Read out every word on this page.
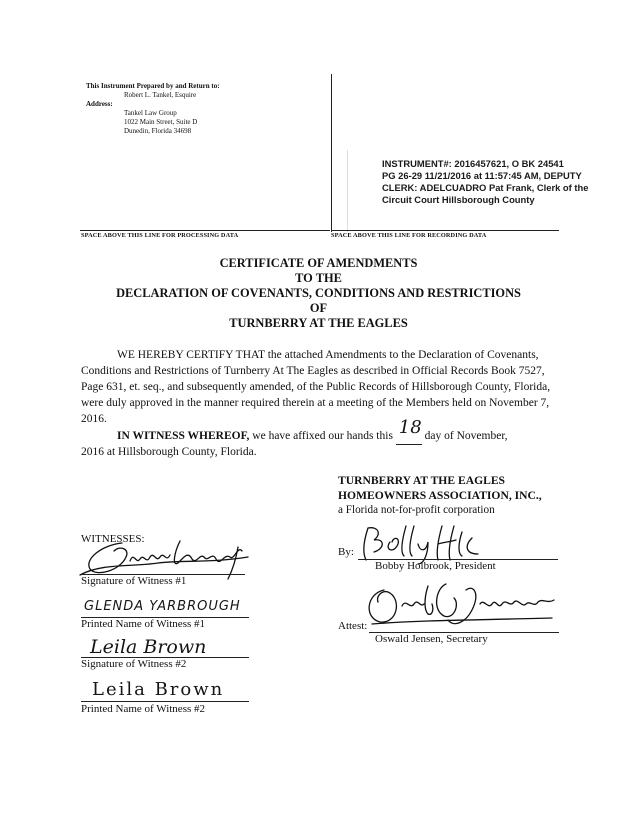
This Instrument Prepared by and Return to:
Robert L. Tankel, Esquire
Address:
Tankel Law Group
1022 Main Street, Suite D
Dunedin, Florida 34698
INSTRUMENT#: 2016457621, O BK 24541
PG 26-29 11/21/2016 at 11:57:45 AM, DEPUTY
CLERK: ADELCUADRO Pat Frank, Clerk of the
Circuit Court Hillsborough County
SPACE ABOVE THIS LINE FOR PROCESSING DATA	SPACE ABOVE THIS LINE FOR RECORDING DATA
CERTIFICATE OF AMENDMENTS
TO THE
DECLARATION OF COVENANTS, CONDITIONS AND RESTRICTIONS
OF
TURNBERRY AT THE EAGLES
WE HEREBY CERTIFY THAT the attached Amendments to the Declaration of Covenants, Conditions and Restrictions of Turnberry At The Eagles as described in Official Records Book 7527, Page 631, et. seq., and subsequently amended, of the Public Records of Hillsborough County, Florida, were duly approved in the manner required therein at a meeting of the Members held on November 7, 2016.
IN WITNESS WHEREOF, we have affixed our hands this 18 day of November,
2016 at Hillsborough County, Florida.
TURNBERRY AT THE EAGLES
HOMEOWNERS ASSOCIATION, INC.,
a Florida not-for-profit corporation
WITNESSES:
Signature of Witness #1
GLENDA YARBROUGH
Printed Name of Witness #1
Leila Brown
Signature of Witness #2
Leila Brown
Printed Name of Witness #2
By:
Bobby Holbrook, President
Attest:
Oswald Jensen, Secretary
